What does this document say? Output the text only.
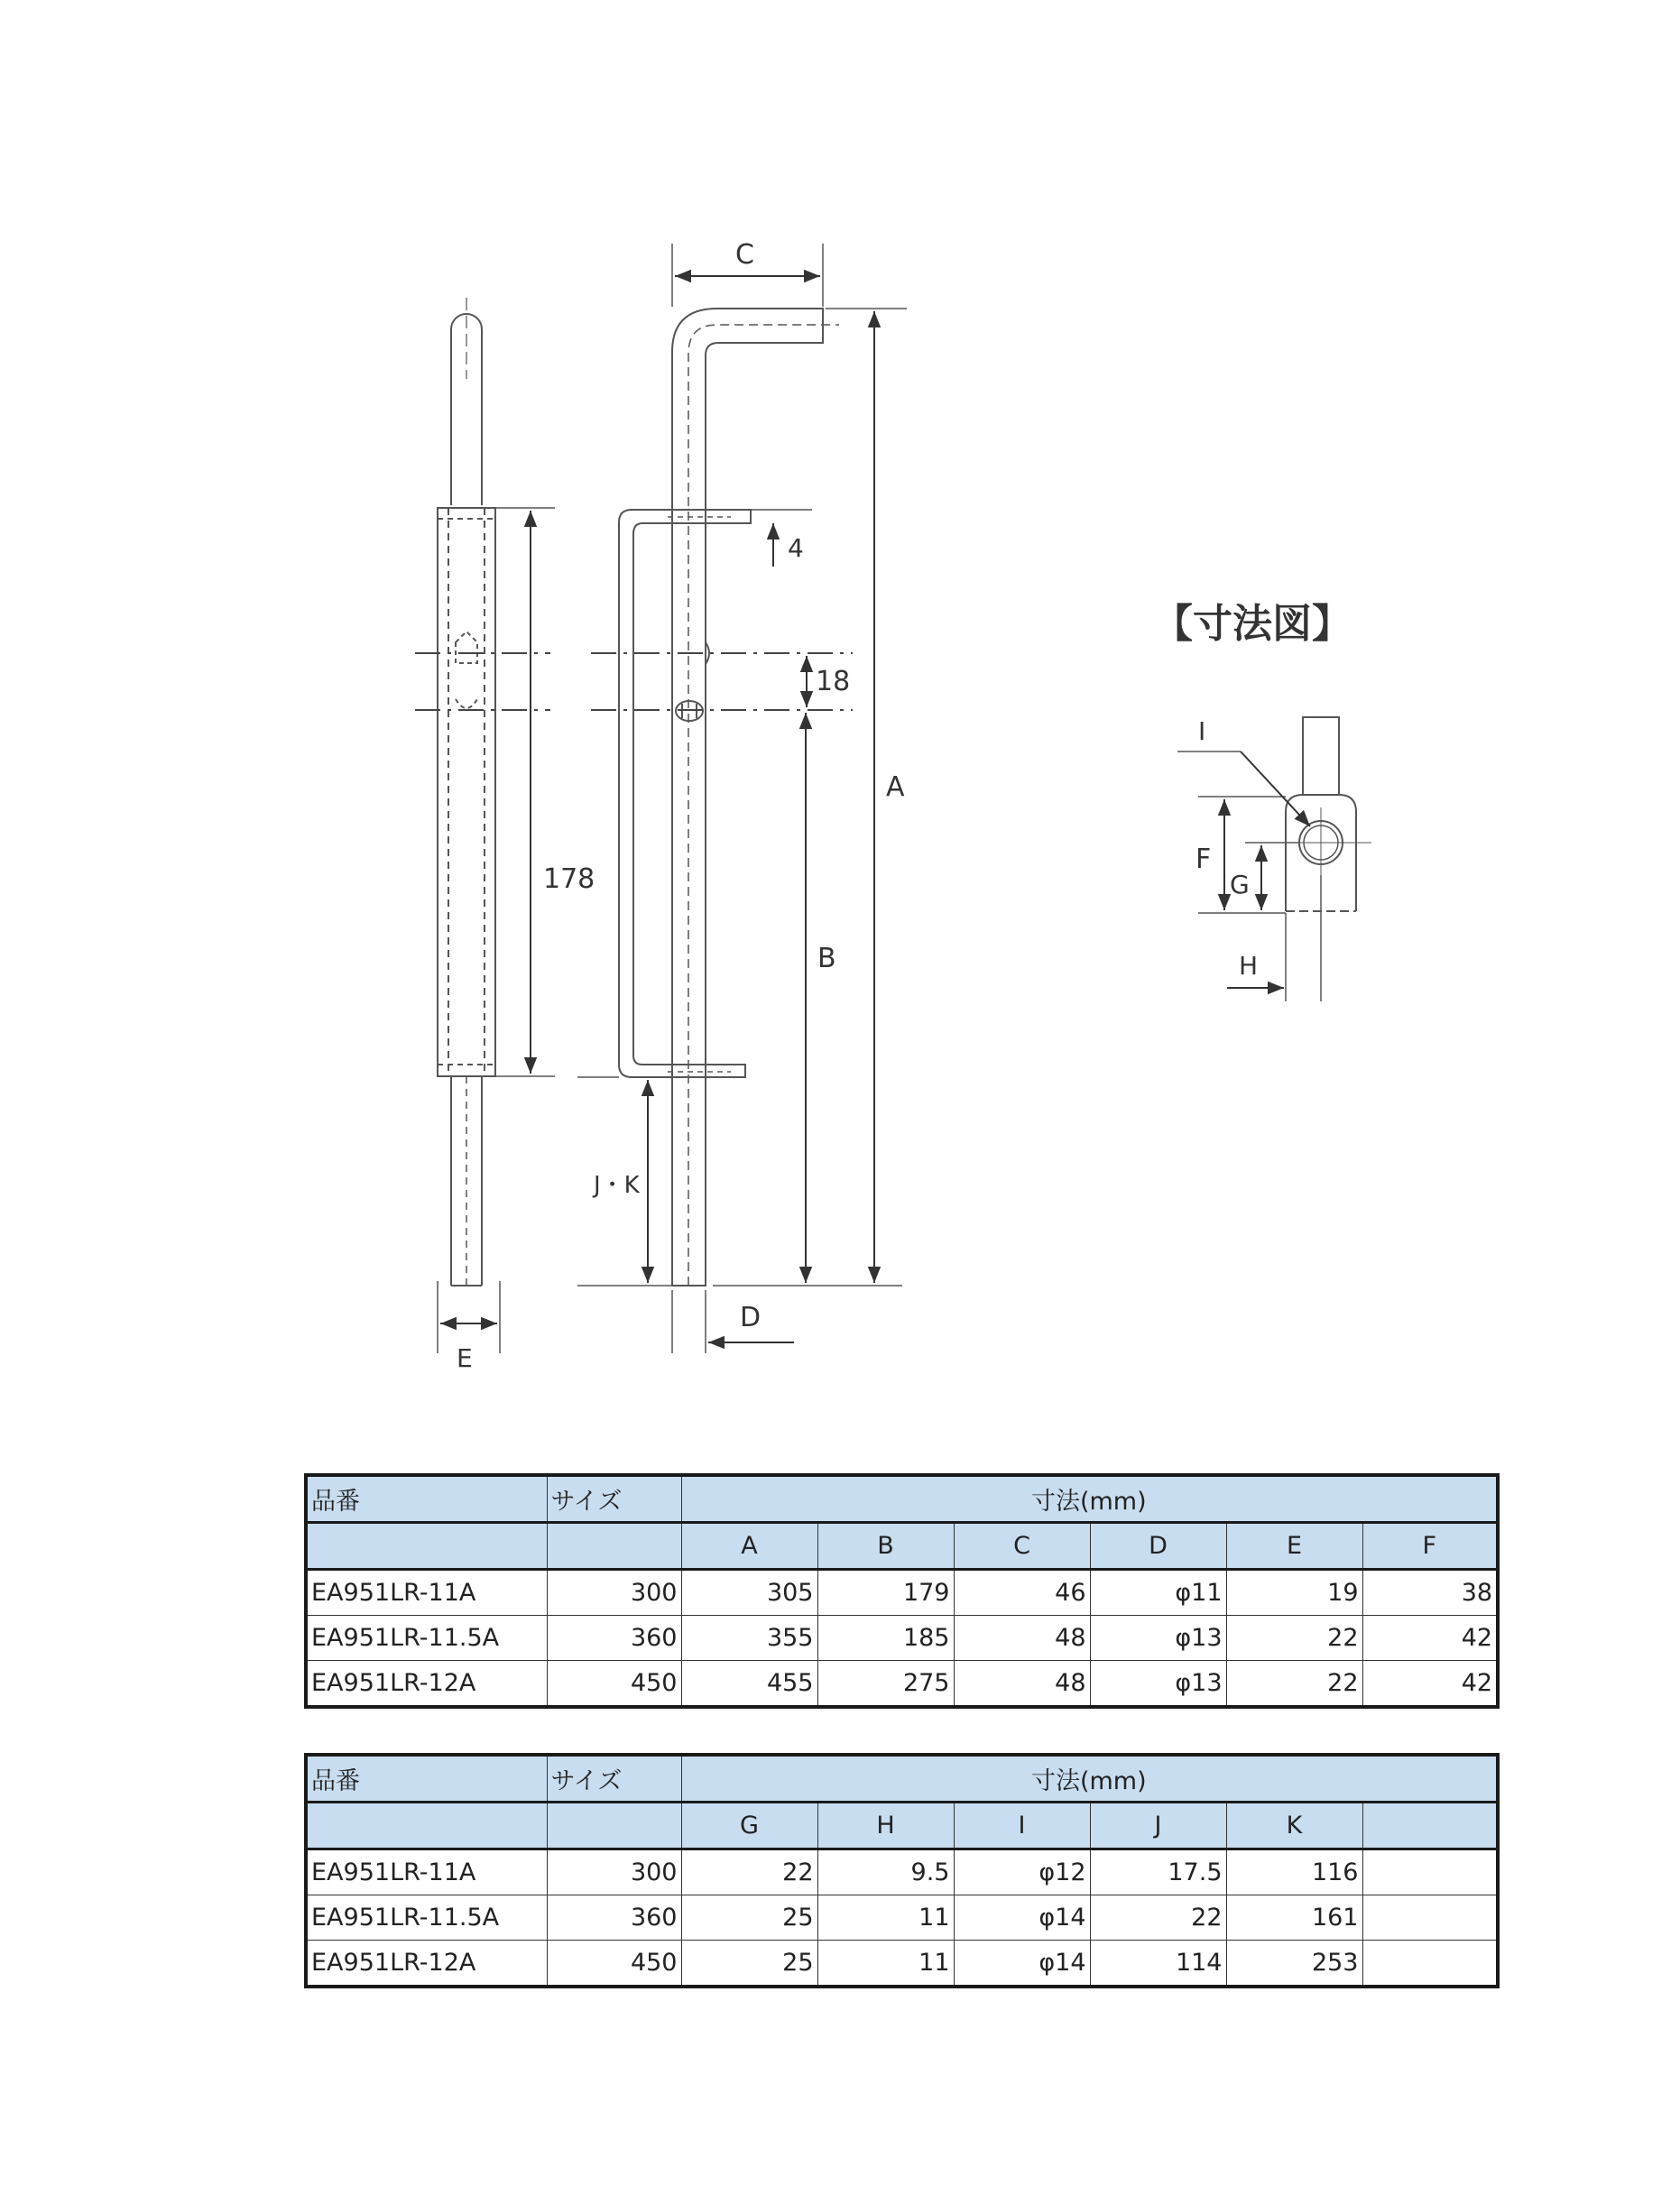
178
E
C
4
18
B
A
J・K
D
【寸法図】
I
F
G
H
品番	サイズ	寸法(mm)					
		A	B	C	D	E	F
EA951LR-11A	300	305	179	46	φ11	19	38
EA951LR-11.5A	360	355	185	48	φ13	22	42
EA951LR-12A	450	455	275	48	φ13	22	42
品番	サイズ	寸法(mm)					
		G	H	I	J	K	
EA951LR-11A	300	22	9.5	φ12	17.5	116	
EA951LR-11.5A	360	25	11	φ14	22	161	
EA951LR-12A	450	25	11	φ14	114	253	
